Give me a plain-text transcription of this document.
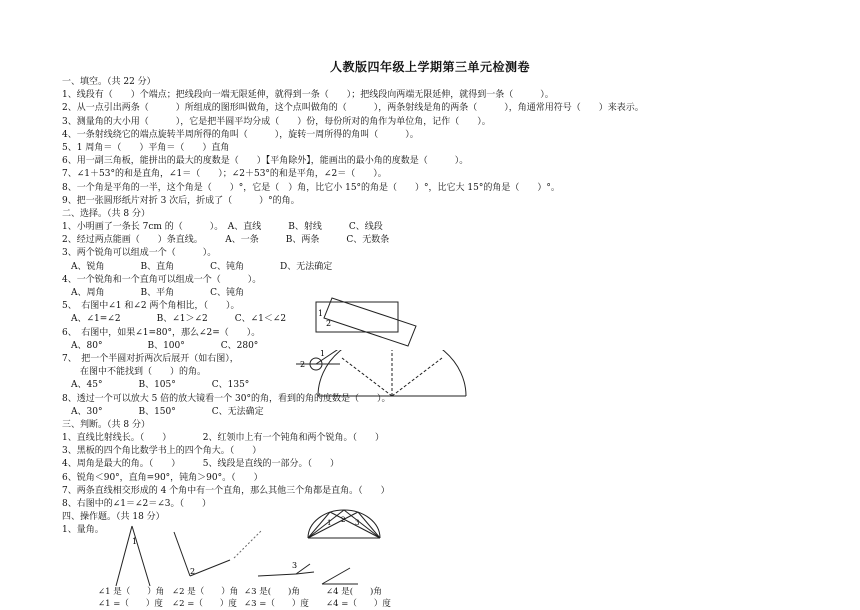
人教版四年级上学期第三单元检测卷
一、填空。（共 22 分）
1、线段有（　　）个端点；把线段向一端无限延伸，就得到一条（　　）；把线段向两端无限延伸，就得到一条（　　　）。
2、从一点引出两条（　　　）所组成的图形叫做角，这个点叫做角的（　　　），两条射线是角的两条（　　　），角通常用符号（　　）来表示。
3、测量角的大小用（　　　），它是把半圆平均分成（　　）份，每份所对的角作为单位角，记作（　　）。
4、一条射线绕它的端点旋转半周所得的角叫（　　　），旋转一周所得的角叫（　　　）。
5、1 周角＝（　　）平角＝（　　）直角
6、用一副三角板，能拼出的最大的度数是（　　）【平角除外】，能画出的最小角的度数是（　　　）。
7、∠1＋53°的和是直角，∠1＝（　　）；∠2＋53°的和是平角，∠2＝（　　）。
8、一个角是平角的一半，这个角是（　　）°，它是（　）角，比它小 15°的角是（　　）°，比它大 15°的角是（　　）°。
9、把一张圆形纸片对折 3 次后，折成了（　　　）°的角。
二、选择。（共 8 分）
1、小明画了一条长 7cm 的（　　　）。　A、直线　　　B、射线　　　C、线段
2、经过两点能画（　　）条直线。　　　A、一条　　　B、两条　　　C、无数条
3、两个锐角可以组成一个（　　　）。
　A、锐角　　　　B、直角　　　　C、钝角　　　　D、无法确定
4、一个锐角和一个直角可以组成一个（　　　）。
　A、周角　　　　B、平角　　　　C、钝角
5、　右图中∠1 和∠2 两个角相比，（　　）。
　A、∠1=∠2　　　　B、∠1＞∠2　　　C、∠1＜∠2
6、　右图中，如果∠1=80°，那么∠2=（　　）。
　A、80°　　　　　B、100°　　　　C、280°
7、　把一个半圆对折两次后展开（如右图），
　　在图中不能找到（　　）的角。
　A、45°　　　　B、105°　　　　C、135°
8、透过一个可以放大 5 倍的放大镜看一个 30°的角，看到的角的度数是（　　）。
　A、30°　　　　B、150°　　　　C、无法确定
三、判断。（共 8 分）
1、直线比射线长。（　　）　　　　2、红领巾上有一个钝角和两个锐角。（　　）
3、黑板的四个角比数学书上的四个角大。（　　）
4、周角是最大的角。（　　）　　　5、线段是直线的一部分。（　　）
6、锐角＜90°，直角=90°，钝角＞90°。（　　）
7、两条直线相交形成的 4 个角中有一个直角，那么其他三个角都是直角。（　　）
8、右图中的∠1＝∠2＝∠3。（　　）
四、操作题。（共 18 分）
1、量角。
1
2
2
1
1 2 3
1
2
3
∠1 是（　　）角
∠1 =（　　）度
∠2 是（　　）角
∠2 =（　　）度
∠3 是(　　)角
∠3 =（　　）度
∠4 是(　　)角
∠4 =（　　）度
